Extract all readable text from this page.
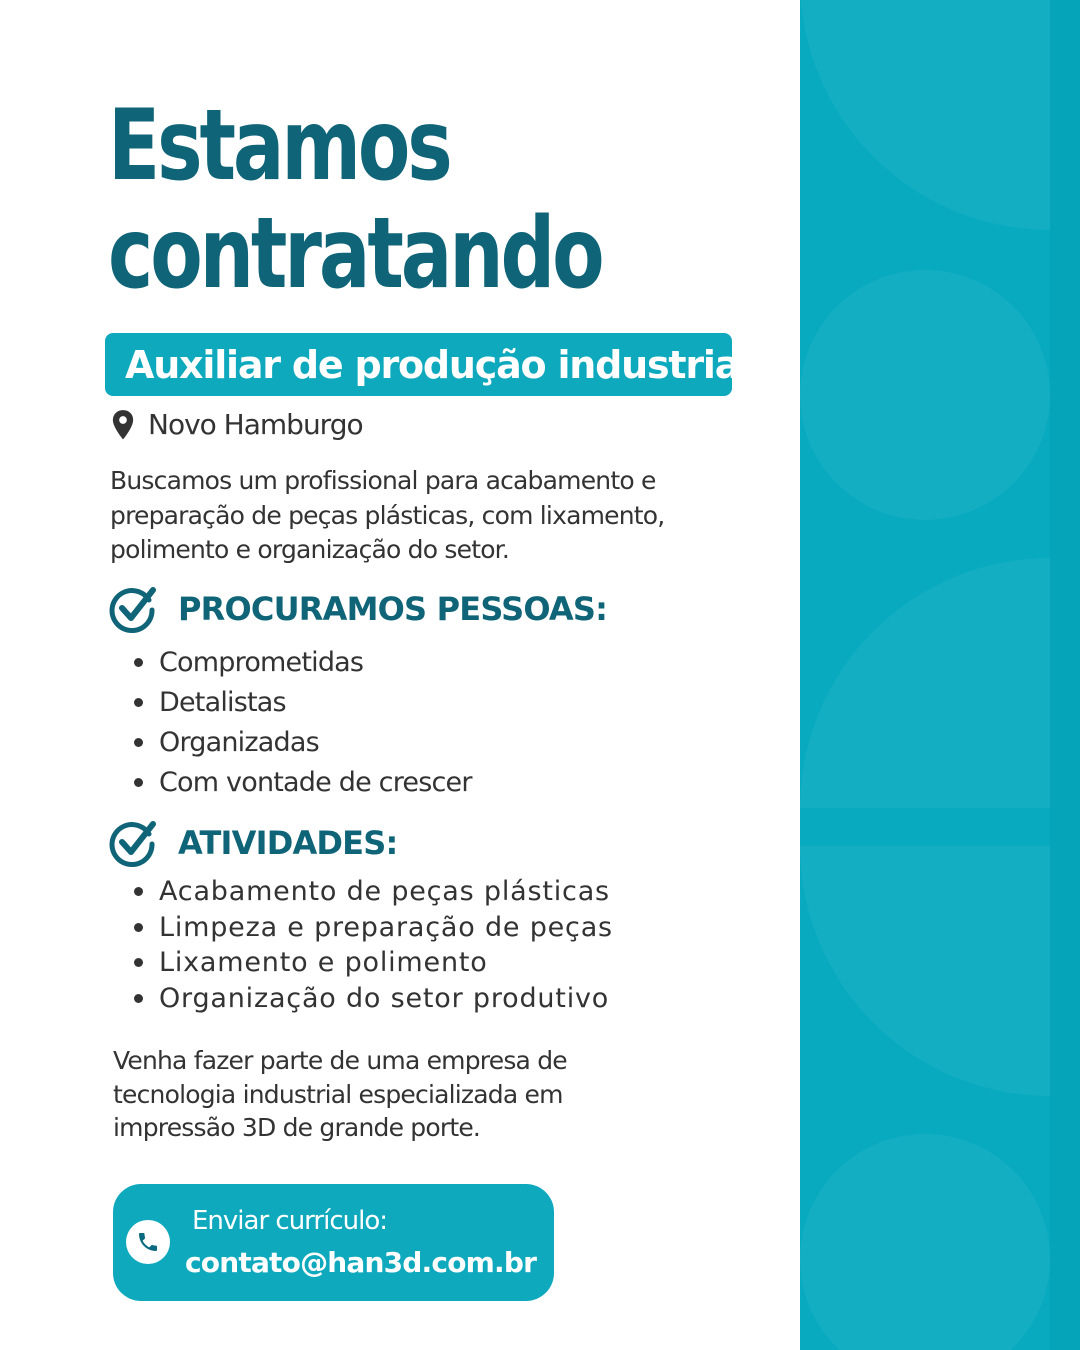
Estamos
contratando
Auxiliar de produção industrial
Novo Hamburgo

Buscamos um profissional para acabamento e preparação de peças plásticas, com lixamento, polimento e organização do setor.

PROCURAMOS PESSOAS:
Comprometidas
Detalistas
Organizadas
Com vontade de crescer
ATIVIDADES:
Acabamento de peças plásticas
Limpeza e preparação de peças
Lixamento e polimento
Organização do setor produtivo

Venha fazer parte de uma empresa de tecnologia industrial especializada em impressão 3D de grande porte.

Enviar currículo:
contato@han3d.com.br
